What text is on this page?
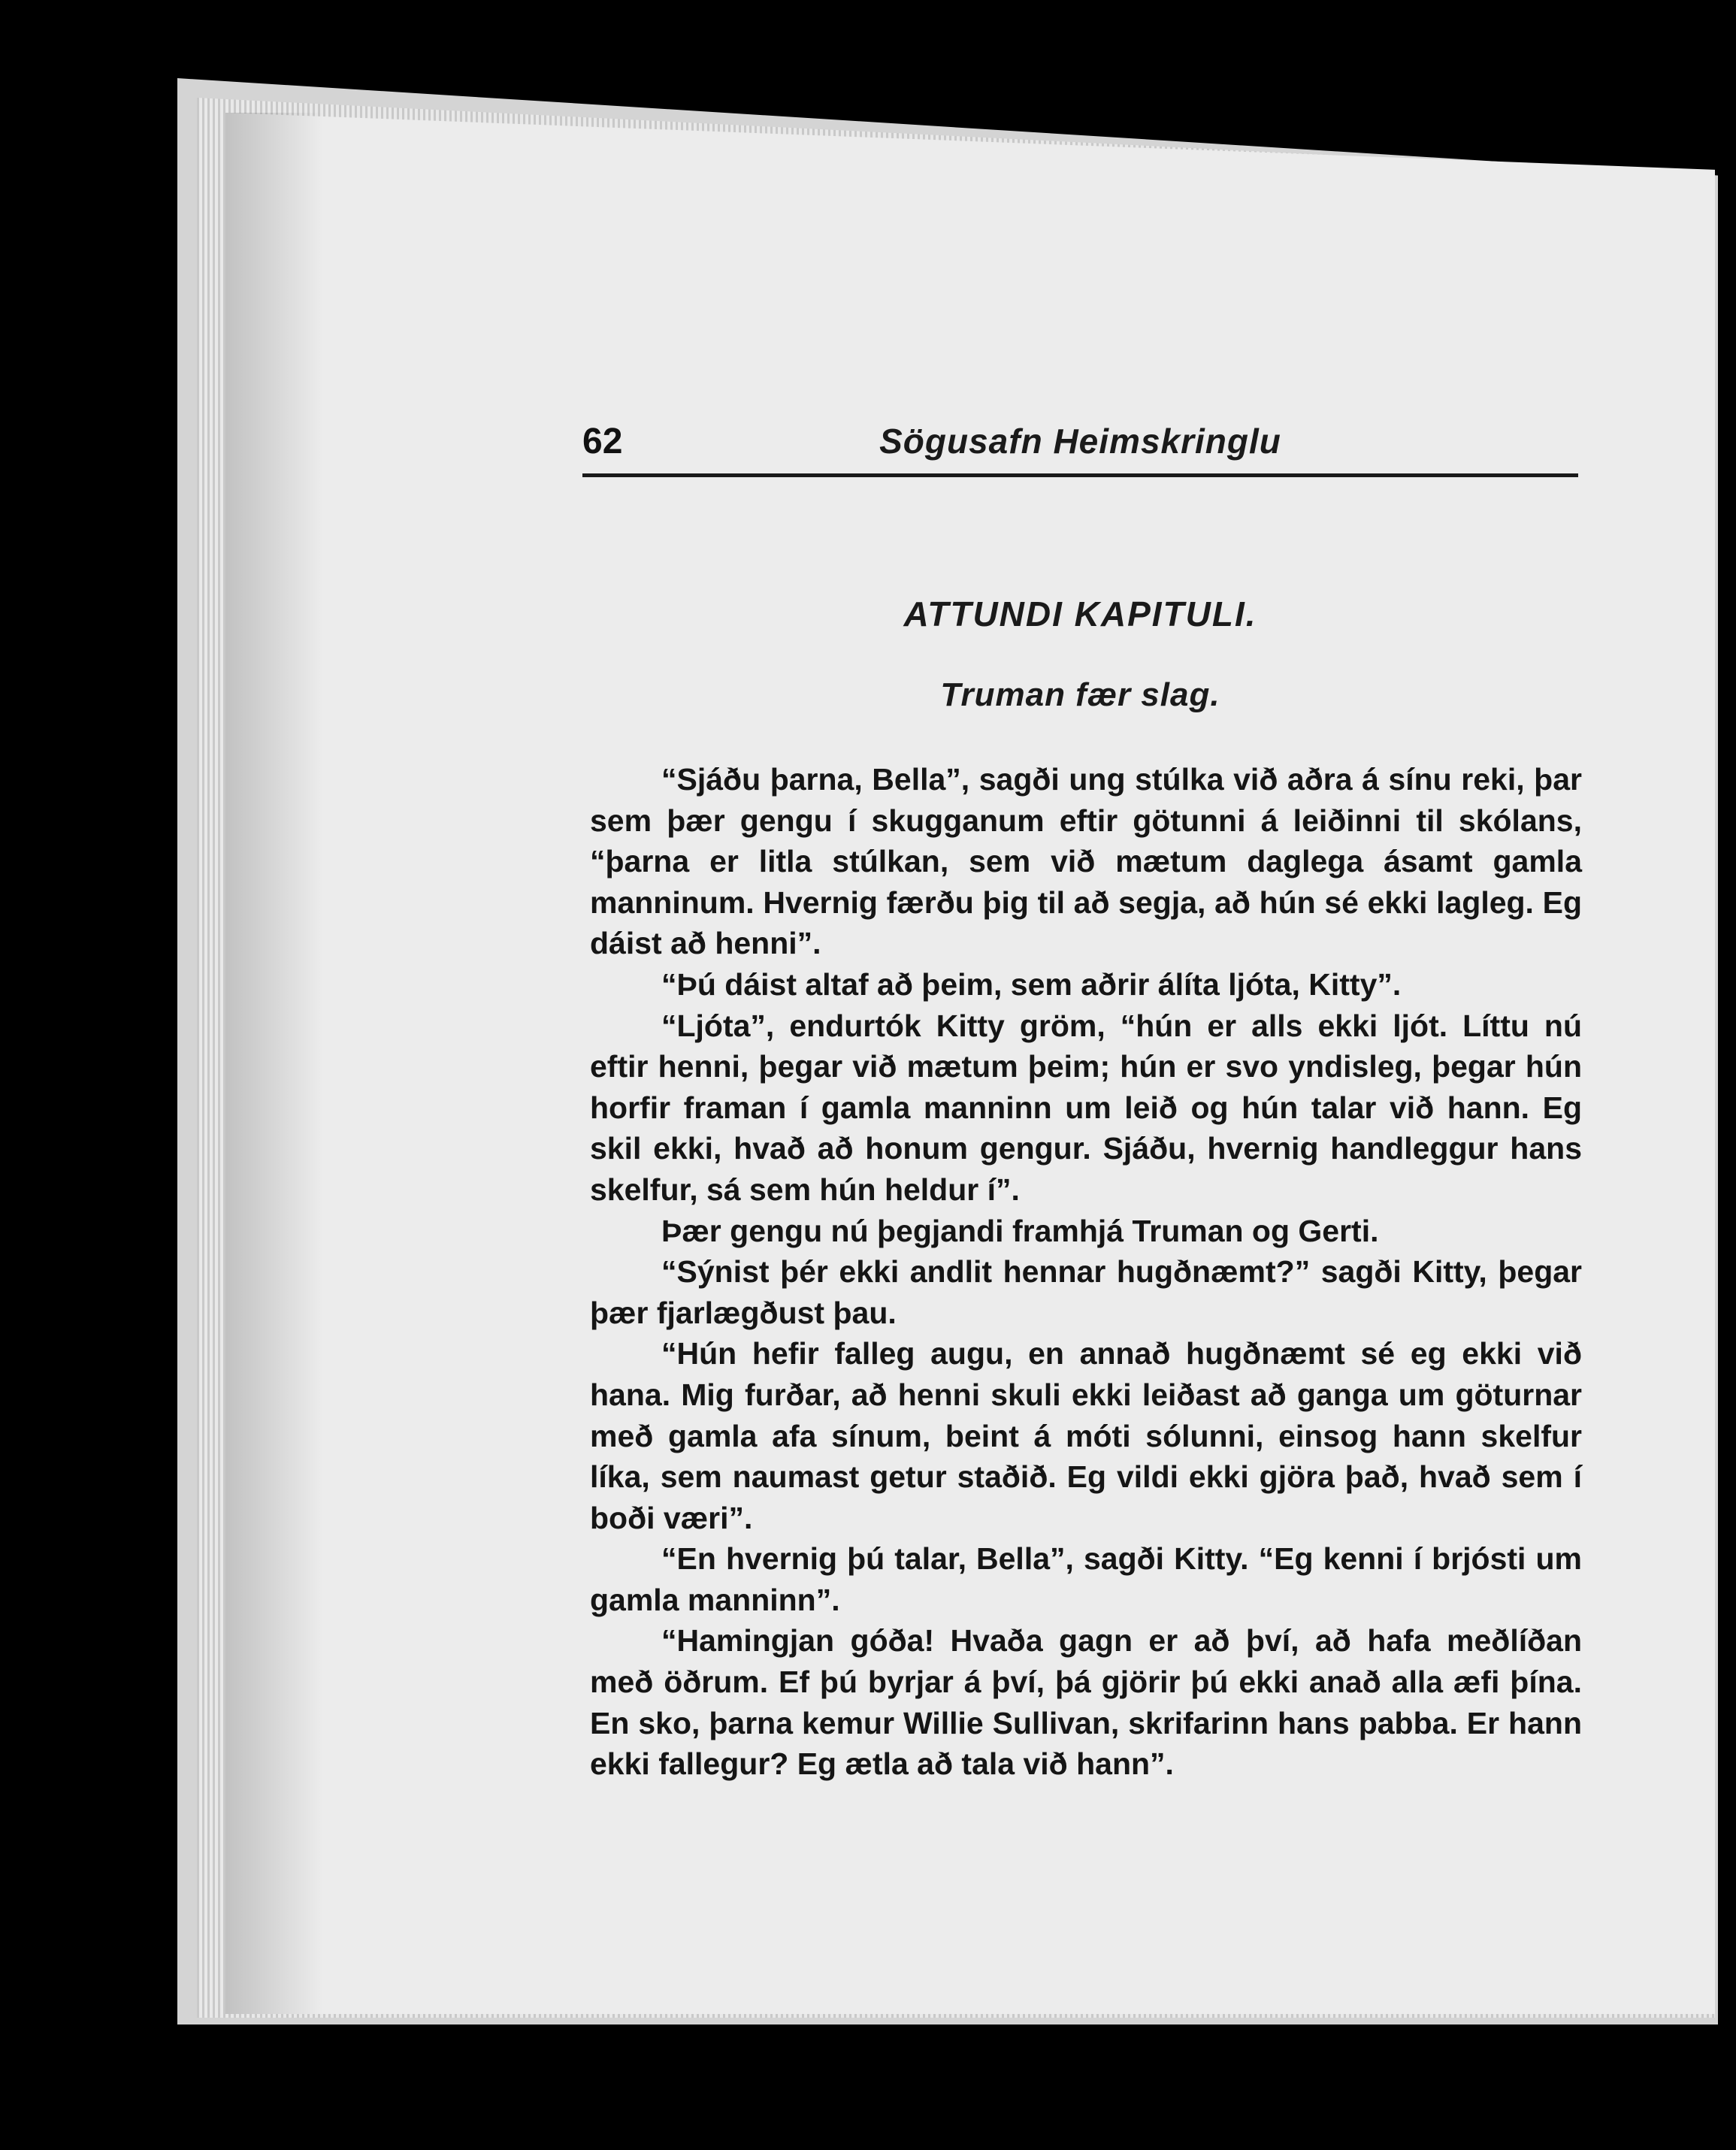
62	Sögusafn Heimskringlu
ATTUNDI KAPITULI.
Truman fær slag.

“Sjáðu þarna, Bella”, sagði ung stúlka við aðra á sínu reki, þar sem þær gengu í skugganum eftir götunni á leiðinni til skólans, “þarna er litla stúlkan, sem við mætum daglega ásamt gamla manninum. Hvernig færðu þig til að segja, að hún sé ekki lagleg. Eg dáist að henni”.

“Þú dáist altaf að þeim, sem aðrir álíta ljóta, Kitty”.

“Ljóta”, endurtók Kitty gröm, “hún er alls ekki ljót. Líttu nú eftir henni, þegar við mætum þeim; hún er svo yndisleg, þegar hún horfir framan í gamla manninn um leið og hún talar við hann. Eg skil ekki, hvað að honum gengur. Sjáðu, hvernig handleggur hans skelfur, sá sem hún heldur í”.

Þær gengu nú þegjandi framhjá Truman og Gerti.

“Sýnist þér ekki andlit hennar hugðnæmt?” sagði Kitty, þegar þær fjarlægðust þau.

“Hún hefir falleg augu, en annað hugðnæmt sé eg ekki við hana. Mig furðar, að henni skuli ekki leiðast að ganga um göturnar með gamla afa sínum, beint á móti sólunni, einsog hann skelfur líka, sem naumast getur staðið. Eg vildi ekki gjöra það, hvað sem í boði væri”.

“En hvernig þú talar, Bella”, sagði Kitty. “Eg kenni í brjósti um gamla manninn”.

“Hamingjan góða! Hvaða gagn er að því, að hafa meðlíðan með öðrum. Ef þú byrjar á því, þá gjörir þú ekki anað alla æfi þína. En sko, þarna kemur Willie Sullivan, skrifarinn hans pabba. Er hann ekki fallegur? Eg ætla að tala við hann”.
